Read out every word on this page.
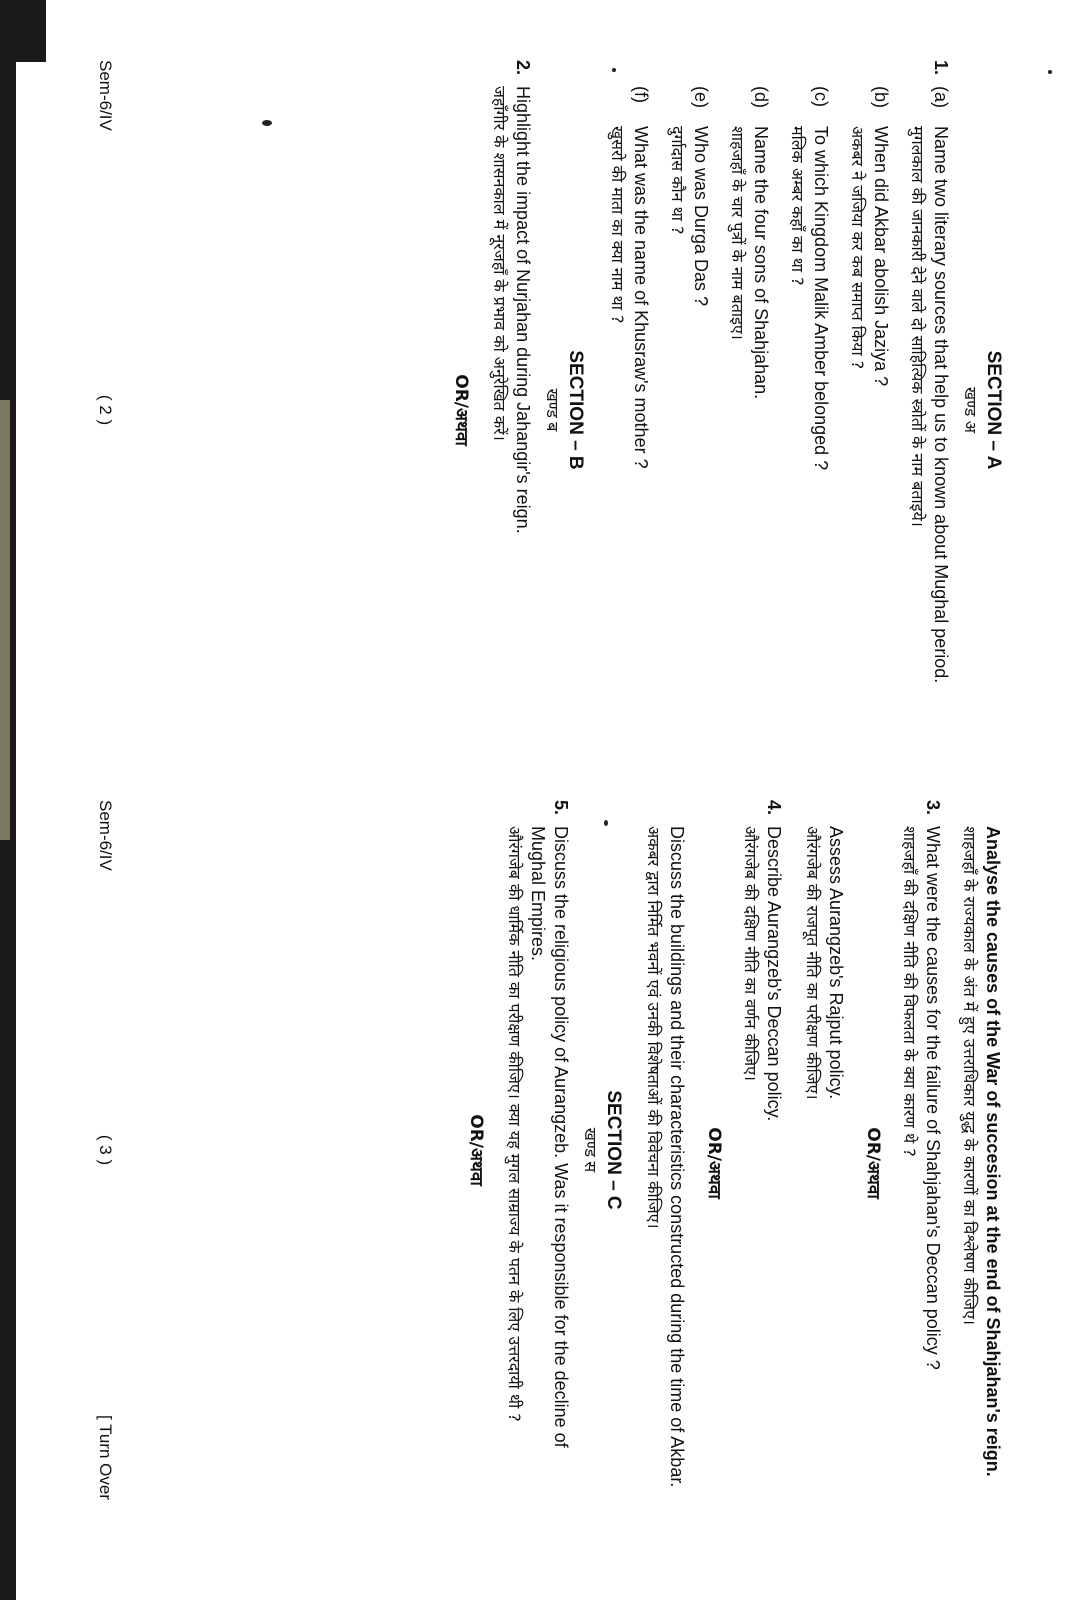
SECTION – A
खण्ड अ
1.
(a)
Name two literary sources that help us to known about Mughal period.
मुगलकाल की जानकारी देने वाले दो साहित्यिक स्त्रोतों के नाम बताइये।
(b)
When did Akbar abolish Jaziya ?
अकबर ने जजिया कर कब समाप्त किया ?
(c)
To which Kingdom Malik Amber belonged ?
मलिक अम्बर कहाँ का था ?
(d)
Name the four sons of Shahjahan.
शाहजहाँ के चार पुत्रों के नाम बताइए।
(e)
Who was Durga Das ?
दुर्गादास कौन था ?
(f)
What was the name of Khusraw's mother ?
खुसरो की माता का क्या नाम था ?
SECTION – B
खण्ड ब
2.
Highlight the impact of Nurjahan during Jahangir's reign.
जहाँगीर के शासनकाल में नूरजहाँ के प्रभाव को अनुरेखित करें।
OR/अथवा
Sem-6/IV
( 2 )
Analyse the causes of the War of succesion at the end of Shahjahan's reign.
शाहजहाँ के राज्यकाल के अंत में हुए उत्तराधिकार युद्ध के कारणों का विश्लेषण कीजिए।
3.
What were the causes for the failure of Shahjahan's Deccan policy ?
शाहजहाँ की दक्षिण नीति की विफलता के क्या कारण थे ?
OR/अथवा
Assess Aurangzeb's Rajput policy.
औरंगजेब की राजपूत नीति का परीक्षण कीजिए।
4.
Describe Aurangzeb's Deccan policy.
औरंगजेब की दक्षिण नीति का वर्णन कीजिए।
OR/अथवा
Discuss the buildings and their characteristics constructed during the time of Akbar.
अकबर द्वारा निर्मित भवनों एवं उनकी विशेषताओं की विवेचना कीजिए।
SECTION – C
खण्ड स
5.
Discuss the religious policy of Aurangzeb. Was it responsible for the decline of Mughal Empires.
औरंगजेब की धार्मिक नीति का परीक्षण कीजिए। क्या यह मुगल साम्राज्य के पतन के लिए उत्तरदायी थी ?
OR/अथवा
Sem-6/IV
( 3 )
[ Turn Over
